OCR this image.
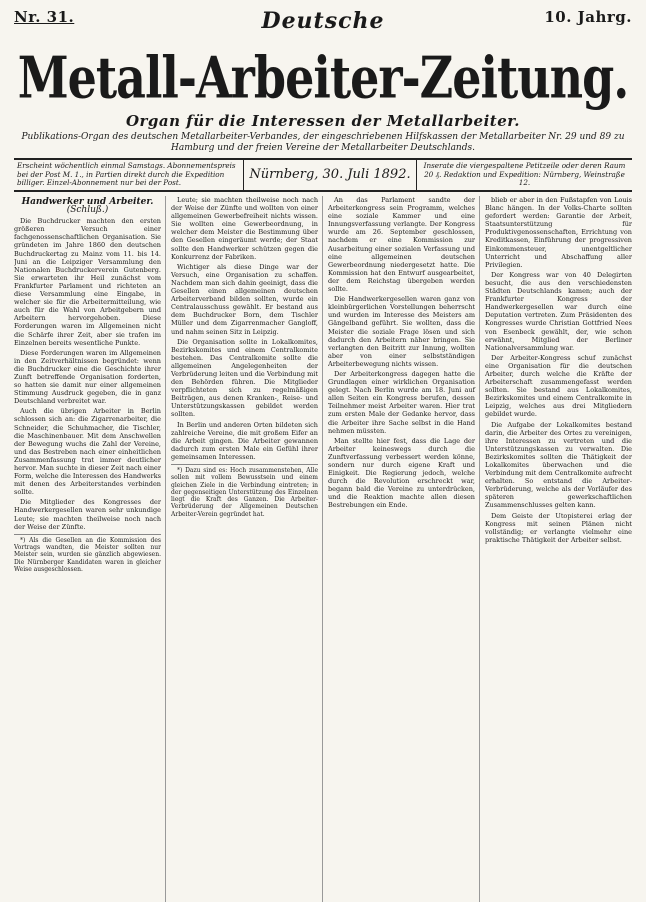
Nr. 31.	Deutsche	10. Jahrg.
Metall-Arbeiter-Zeitung.
Organ für die Interessen der Metallarbeiter.
Publikations-Organ des deutschen Metallarbeiter-Verbandes, der eingeschriebenen Hilfskassen der Metallarbeiter Nr. 29 und 89 zu Hamburg und der freien Vereine der Metallarbeiter Deutschlands.
Erscheint wöchentlich einmal Samstags. Abonnementspreis bei der Post M. 1., in Partien direkt durch die Expedition billiger. Einzel-Abonnement nur bei der Post.
Nürnberg, 30. Juli 1892.
Inserate die viergespaltene Petitzeile oder deren Raum 20 ₰. Redaktion und Expedition: Nürnberg, Weinstraße 12.
Handwerker und Arbeiter. (Schluß.)

Die Buchdrucker machten den ersten größeren Versuch einer fachgenossenschaftlichen Organisation. Sie gründeten im Jahre 1860 den deutschen Buchdruckertag zu Mainz vom 11. bis 14. Juni an die Leipziger Versammlung den Nationalen Buchdruckerverein Gutenberg. Sie erwarteten ihr Heil zunächst vom Frankfurter Parlament und richteten an diese Versammlung eine Eingabe, in welcher sie für die Arbeitermitteilung, wie auch für die Wahl von Arbeitgebern und Arbeitern hervorgehoben. Diese Forderungen waren im Allgemeinen nicht die Schärfe ihrer Zeit, aber sie trafen im Einzelnen bereits wesentliche Punkte.

Diese Forderungen waren im Allgemeinen in den Zeitverhältnissen begründet: wenn die Buchdrucker eine die Geschichte ihrer Zunft betreffende Organisation forderten, so hatten sie damit nur einer allgemeinen Stimmung Ausdruck gegeben, die in ganz Deutschland verbreitet war.

Auch die übrigen Arbeiter in Berlin schlossen sich an: die Zigarrenarbeiter, die Schneider, die Schuhmacher, die Tischler, die Maschinenbauer. Mit dem Anschwellen der Bewegung wuchs die Zahl der Vereine, und das Bestreben nach einer einheitlichen Zusammenfassung trat immer deutlicher hervor. Man suchte in dieser Zeit nach einer Form, welche die Interessen des Handwerks mit denen des Arbeiterstandes verbinden sollte.

Die Mitglieder des Kongresses der Handwerkergesellen waren sehr unkundige Leute; sie machten theilweise noch nach der Weise der Zünfte.

*) Als die Gesellen an die Kommission des Vortrags wandten, die Meister sollten nur Meister sein, wurden sie gänzlich abgewiesen. Die Nürnberger Kandidaten waren in gleicher Weise ausgeschlossen.

Leute; sie machten theilweise noch nach der Weise der Zünfte und wollten von einer allgemeinen Gewerbefreiheit nichts wissen. Sie wollten eine Gewerbeordnung, in welcher dem Meister die Bestimmung über den Gesellen eingeräumt werde; der Staat sollte den Handwerker schützen gegen die Konkurrenz der Fabriken.

Wichtiger als diese Dinge war der Versuch, eine Organisation zu schaffen. Nachdem man sich dahin geeinigt, dass die Gesellen einen allgemeinen deutschen Arbeiterverband bilden sollten, wurde ein Centralausschuss gewählt. Er bestand aus dem Buchdrucker Born, dem Tischler Müller und dem Zigarrenmacher Gangloff, und nahm seinen Sitz in Leipzig.

Die Organisation sollte in Lokalkomites, Bezirkskomites und einem Centralkomite bestehen. Das Centralkomite sollte die allgemeinen Angelegenheiten der Verbrüderung leiten und die Verbindung mit den Behörden führen. Die Mitglieder verpflichteten sich zu regelmäßigen Beiträgen, aus denen Kranken-, Reise- und Unterstützungskassen gebildet werden sollten.

In Berlin und anderen Orten bildeten sich zahlreiche Vereine, die mit großem Eifer an die Arbeit gingen. Die Arbeiter gewannen dadurch zum ersten Male ein Gefühl ihrer gemeinsamen Interessen.

*) Dazu sind es: Hoch zusammenstehen, Alle sollen mit vollem Bewusstsein und einem gleichen Ziele in die Verbindung eintreten; in der gegenseitigen Unterstützung des Einzelnen liegt die Kraft des Ganzen. Die Arbeiter-Verbrüderung der Allgemeinen Deutschen Arbeiter-Verein gegründet hat.

An das Parlament sandte der Arbeiterkongress sein Programm, welches eine soziale Kammer und eine Innungsverfassung verlangte. Der Kongress wurde am 26. September geschlossen, nachdem er eine Kommission zur Ausarbeitung einer sozialen Verfassung und eine allgemeinen deutschen Gewerbeordnung niedergesetzt hatte. Die Kommission hat den Entwurf ausgearbeitet, der dem Reichstag übergeben werden sollte.

Die Handwerkergesellen waren ganz von kleinbürgerlichen Vorstellungen beherrscht und wurden im Interesse des Meisters am Gängelband geführt. Sie wollten, dass die Meister die soziale Frage lösen und sich dadurch den Arbeitern näher bringen. Sie verlangten den Beitritt zur Innung, wollten aber von einer selbstständigen Arbeiterbewegung nichts wissen.

Der Arbeiterkongress dagegen hatte die Grundlagen einer wirklichen Organisation gelegt. Nach Berlin wurde am 18. Juni auf allen Seiten ein Kongress berufen, dessen Teilnehmer meist Arbeiter waren. Hier trat zum ersten Male der Gedanke hervor, dass die Arbeiter ihre Sache selbst in die Hand nehmen müssten.

Man stellte hier fest, dass die Lage der Arbeiter keineswegs durch die Zunftverfassung verbessert werden könne, sondern nur durch eigene Kraft und Einigkeit. Die Regierung jedoch, welche durch die Revolution erschreckt war, begann bald die Vereine zu unterdrücken, und die Reaktion machte allen diesen Bestrebungen ein Ende.

blieb er aber in den Fußstapfen von Louis Blanc hängen. In der Volks-Charte sollten gefordert werden: Garantie der Arbeit, Staatsunterstützung für Produktivgenossenschaften, Errichtung von Kreditkassen, Einführung der progressiven Einkommensteuer, unentgeltlicher Unterricht und Abschaffung aller Privilegien.

Der Kongress war von 40 Delegirten besucht, die aus den verschiedensten Städten Deutschlands kamen; auch der Frankfurter Kongress der Handwerkergesellen war durch eine Deputation vertreten. Zum Präsidenten des Kongresses wurde Christian Gottfried Nees von Esenbeck gewählt, der, wie schon erwähnt, Mitglied der Berliner Nationalversammlung war.

Der Arbeiter-Kongress schuf zunächst eine Organisation für die deutschen Arbeiter, durch welche die Kräfte der Arbeiterschaft zusammengefasst werden sollten. Sie bestand aus Lokalkomites, Bezirkskomites und einem Centralkomite in Leipzig, welches aus drei Mitgliedern gebildet wurde.

Die Aufgabe der Lokalkomites bestand darin, die Arbeiter des Ortes zu vereinigen, ihre Interessen zu vertreten und die Unterstützungskassen zu verwalten. Die Bezirkskomites sollten die Thätigkeit der Lokalkomites überwachen und die Verbindung mit dem Centralkomite aufrecht erhalten. So entstand die Arbeiter-Verbrüderung, welche als der Vorläufer des späteren gewerkschaftlichen Zusammenschlusses gelten kann.

Dem Geiste der Utopisterei erlag der Kongress mit seinen Plänen nicht vollständig; er verlangte vielmehr eine praktische Thätigkeit der Arbeiter selbst.
